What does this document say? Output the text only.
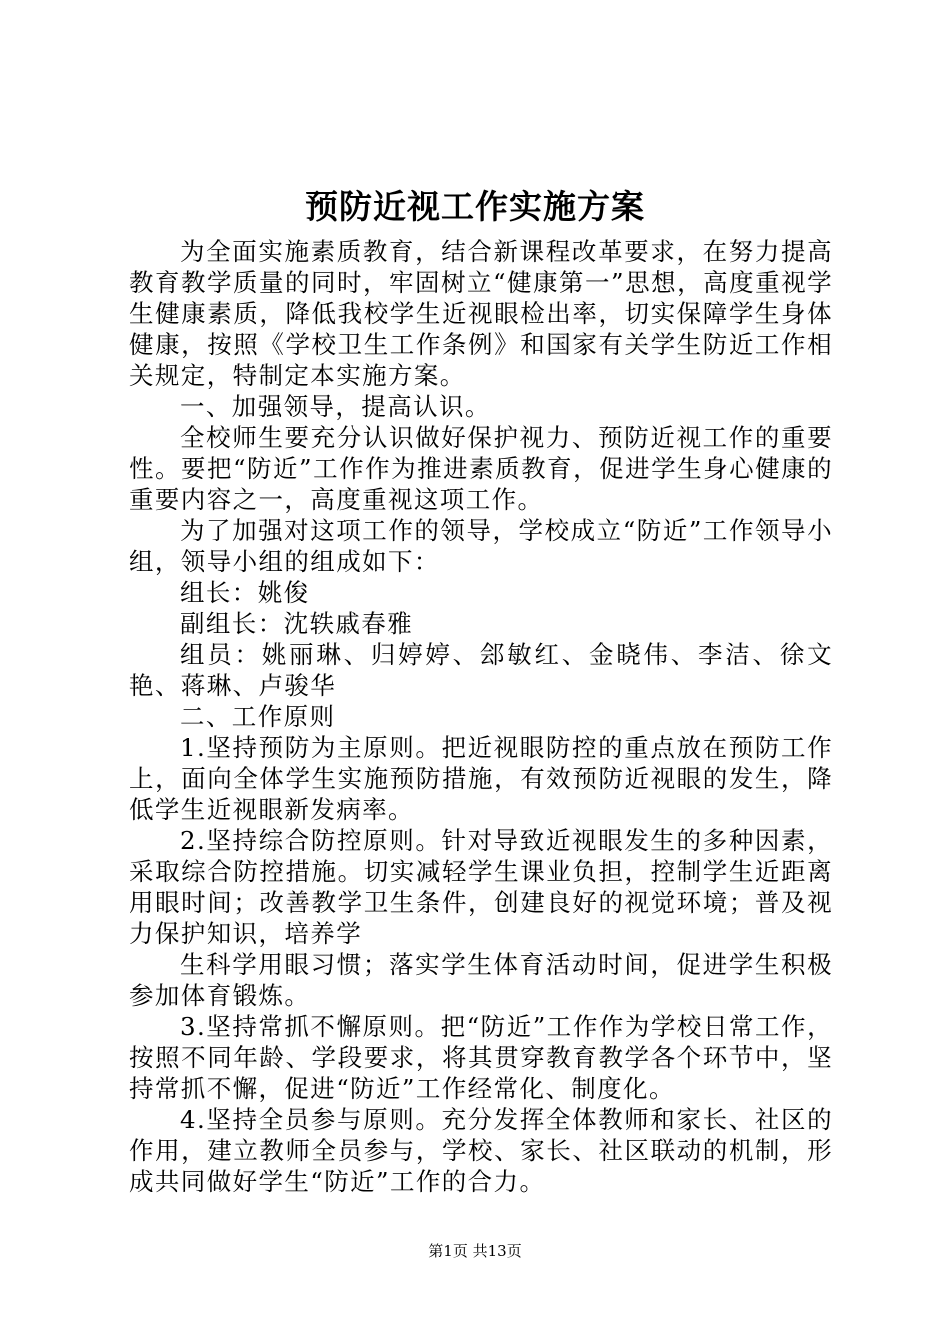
预防近视工作实施方案

为全面实施素质教育，结合新课程改革要求，在努力提高教育教学质量的同时，牢固树立“健康第一”思想，高度重视学生健康素质，降低我校学生近视眼检出率，切实保障学生身体健康，按照《学校卫生工作条例》和国家有关学生防近工作相关规定，特制定本实施方案。

一、加强领导，提高认识。

全校师生要充分认识做好保护视力、预防近视工作的重要性。要把“防近”工作作为推进素质教育，促进学生身心健康的重要内容之一，高度重视这项工作。

为了加强对这项工作的领导，学校成立“防近”工作领导小组，领导小组的组成如下：

组长：姚俊

副组长：沈轶戚春雅

组员：姚丽琳、归婷婷、郐敏红、金晓伟、李洁、徐文艳、蒋琳、卢骏华

二、工作原则

1.坚持预防为主原则。把近视眼防控的重点放在预防工作上，面向全体学生实施预防措施，有效预防近视眼的发生，降低学生近视眼新发病率。

2.坚持综合防控原则。针对导致近视眼发生的多种因素，采取综合防控措施。切实减轻学生课业负担，控制学生近距离用眼时间；改善教学卫生条件，创建良好的视觉环境；普及视力保护知识，培养学

生科学用眼习惯；落实学生体育活动时间，促进学生积极参加体育锻炼。

3.坚持常抓不懈原则。把“防近”工作作为学校日常工作，按照不同年龄、学段要求，将其贯穿教育教学各个环节中，坚持常抓不懈，促进“防近”工作经常化、制度化。

4.坚持全员参与原则。充分发挥全体教师和家长、社区的作用，建立教师全员参与，学校、家长、社区联动的机制，形成共同做好学生“防近”工作的合力。

第1页 共13页
